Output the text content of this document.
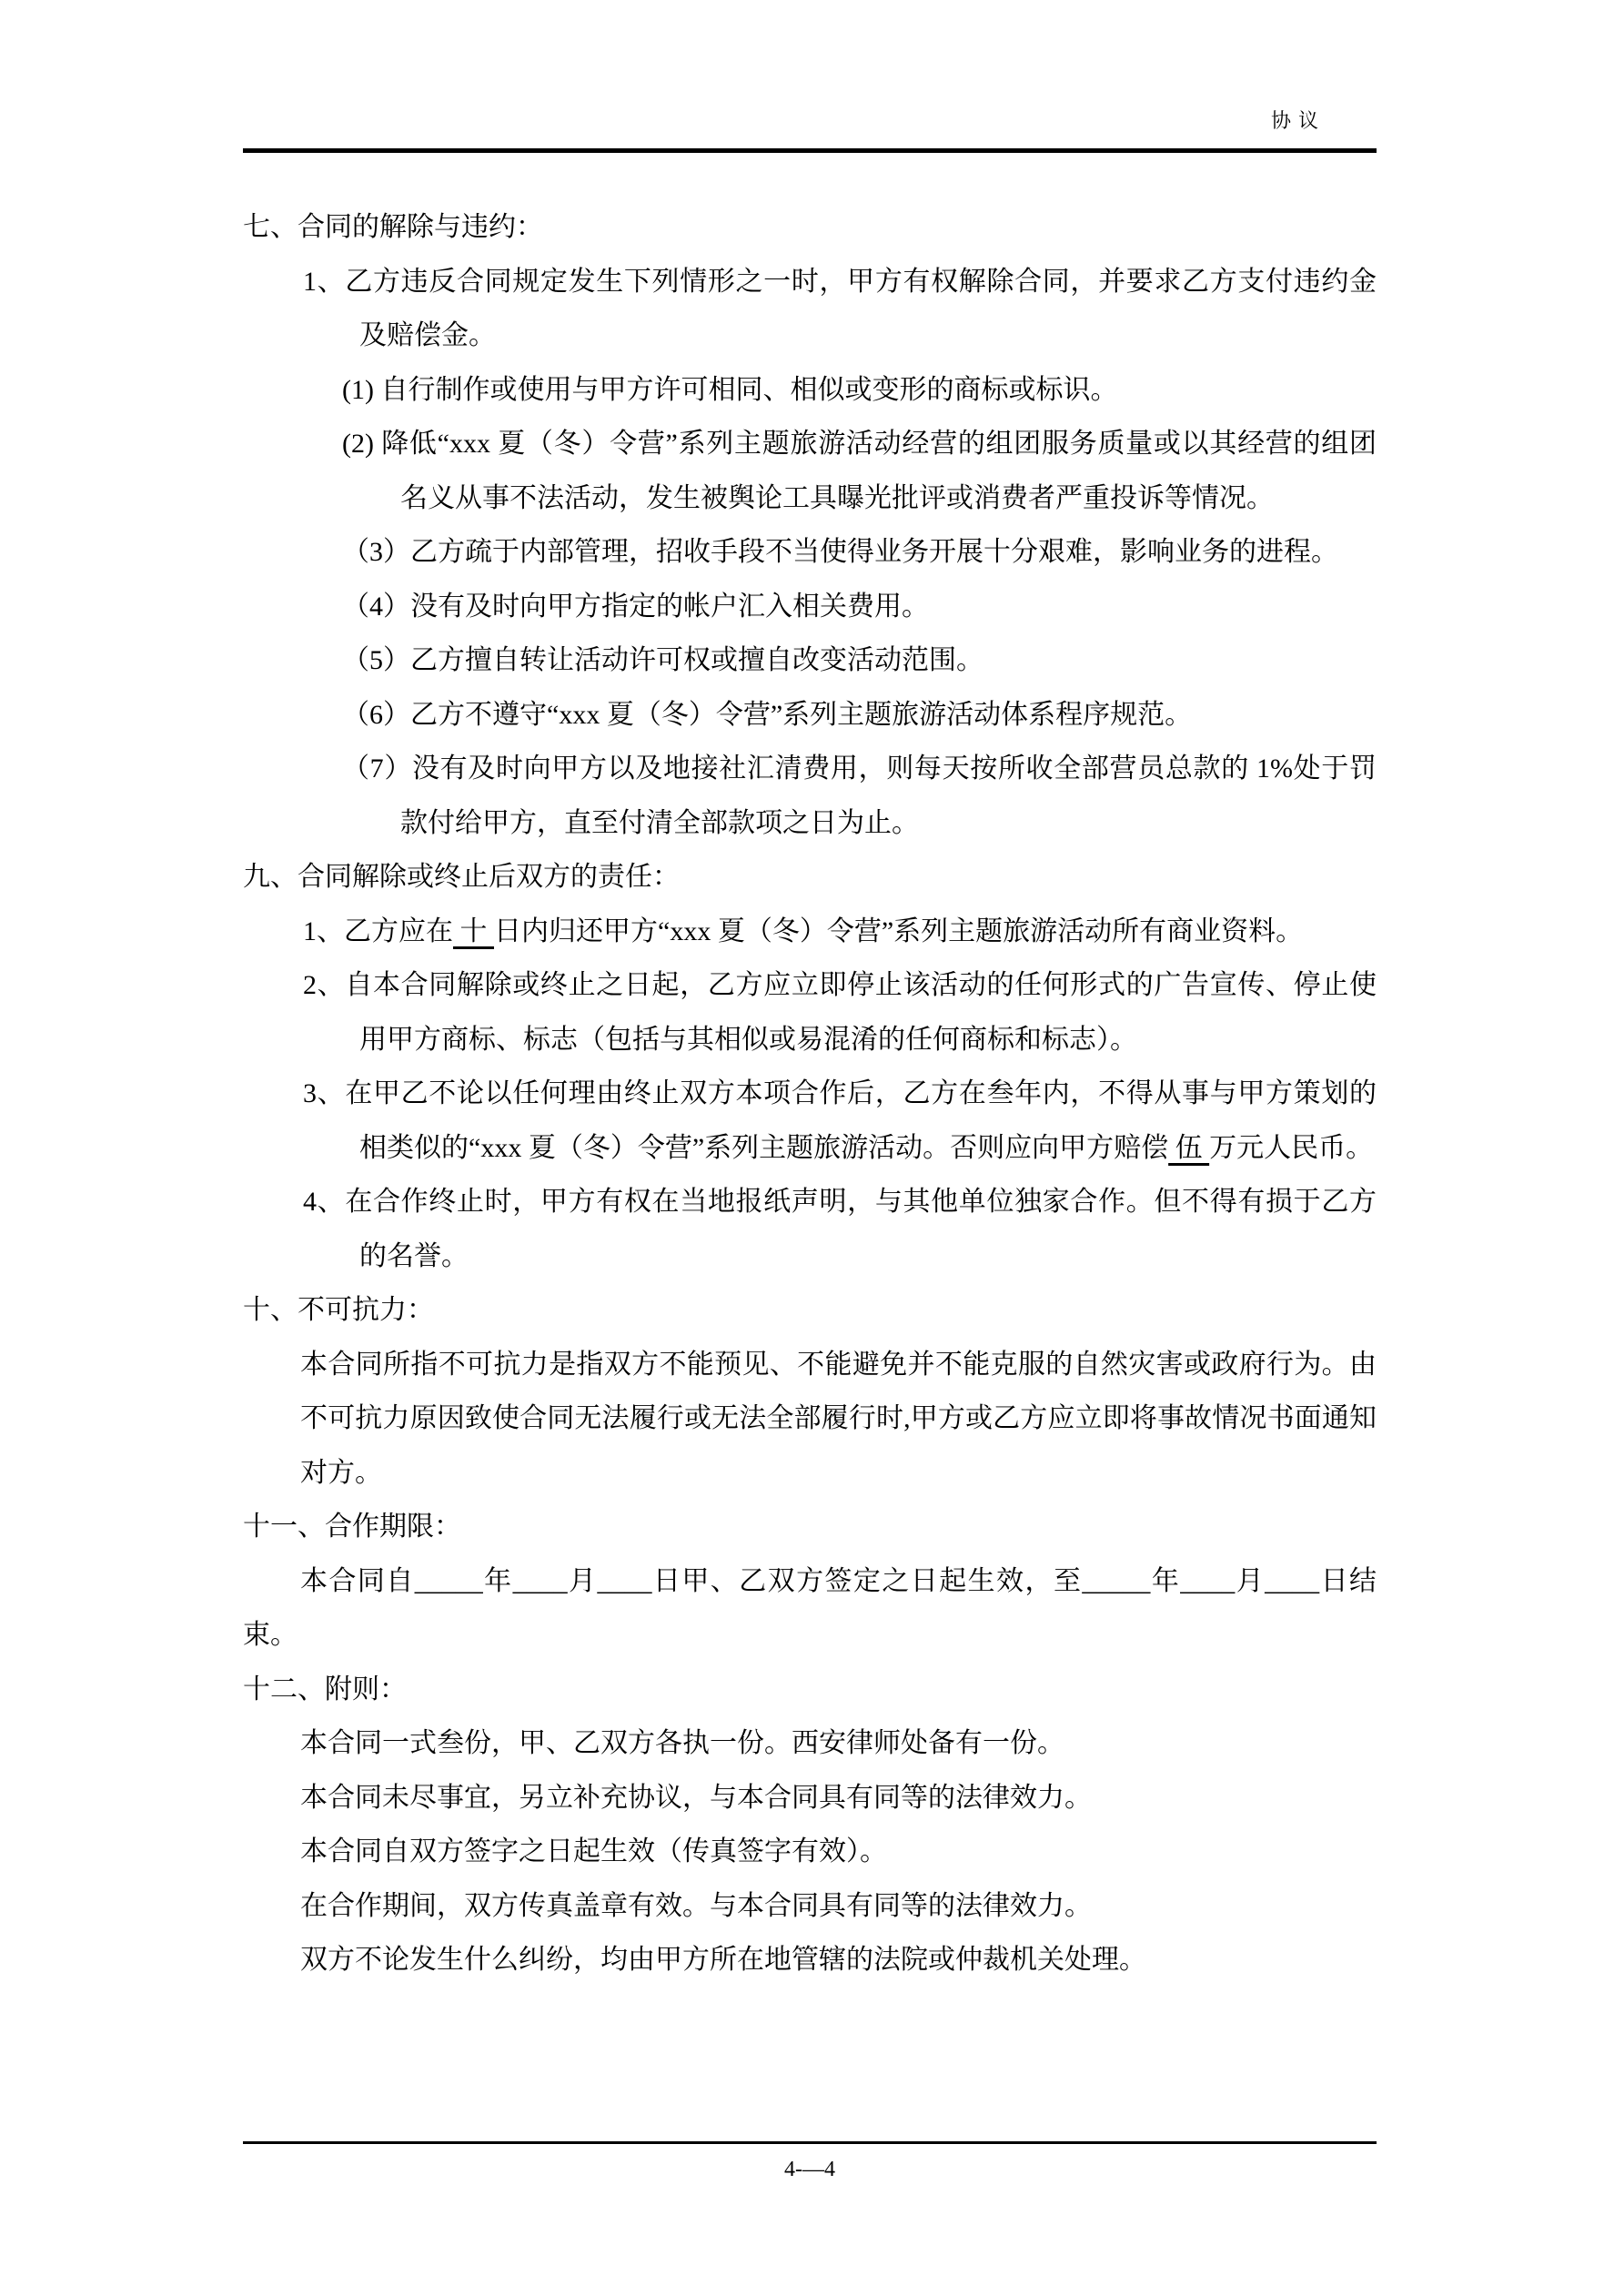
协议
七、合同的解除与违约：
1、乙方违反合同规定发生下列情形之一时，甲方有权解除合同，并要求乙方支付违约金及赔偿金。
(1) 自行制作或使用与甲方许可相同、相似或变形的商标或标识。
(2) 降低“xxx 夏（冬）令营”系列主题旅游活动经营的组团服务质量或以其经营的组团名义从事不法活动，发生被舆论工具曝光批评或消费者严重投诉等情况。
（3）乙方疏于内部管理，招收手段不当使得业务开展十分艰难，影响业务的进程。
（4）没有及时向甲方指定的帐户汇入相关费用。
（5）乙方擅自转让活动许可权或擅自改变活动范围。
（6）乙方不遵守“xxx 夏（冬）令营”系列主题旅游活动体系程序规范。
（7）没有及时向甲方以及地接社汇清费用，则每天按所收全部营员总款的 1%处于罚款付给甲方，直至付清全部款项之日为止。
九、合同解除或终止后双方的责任：
1、乙方应在 十 日内归还甲方“xxx 夏（冬）令营”系列主题旅游活动所有商业资料。
2、自本合同解除或终止之日起，乙方应立即停止该活动的任何形式的广告宣传、停止使用甲方商标、标志（包括与其相似或易混淆的任何商标和标志）。
3、在甲乙不论以任何理由终止双方本项合作后，乙方在叁年内，不得从事与甲方策划的相类似的“xxx 夏（冬）令营”系列主题旅游活动。否则应向甲方赔偿 伍 万元人民币。
4、在合作终止时，甲方有权在当地报纸声明，与其他单位独家合作。但不得有损于乙方的名誉。
十、不可抗力：
本合同所指不可抗力是指双方不能预见、不能避免并不能克服的自然灾害或政府行为。由不可抗力原因致使合同无法履行或无法全部履行时,甲方或乙方应立即将事故情况书面通知对方。
十一、合作期限：
本合同自_____年____月____日甲、乙双方签定之日起生效，至_____年____月____日结束。
十二、附则：
本合同一式叁份，甲、乙双方各执一份。西安律师处备有一份。
本合同未尽事宜，另立补充协议，与本合同具有同等的法律效力。
本合同自双方签字之日起生效（传真签字有效）。
在合作期间，双方传真盖章有效。与本合同具有同等的法律效力。
双方不论发生什么纠纷，均由甲方所在地管辖的法院或仲裁机关处理。
4-—4
